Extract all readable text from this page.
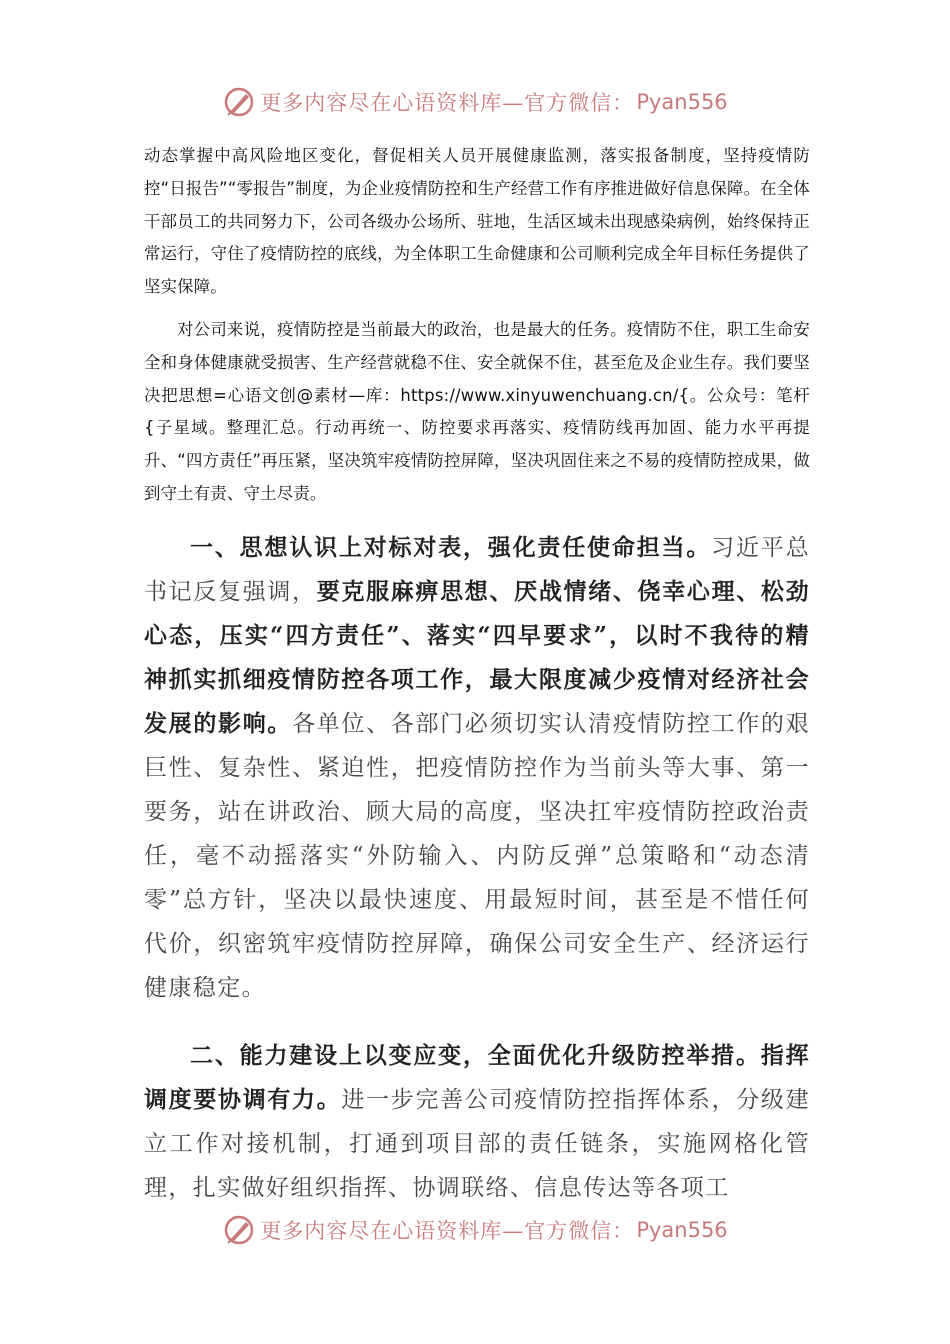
更多内容尽在心语资料库—官方微信： Pyan556

动态掌握中高风险地区变化，督促相关人员开展健康监测，落实报备制度，坚持疫情防控“日报告”“零报告”制度，为企业疫情防控和生产经营工作有序推进做好信息保障。在全体干部员工的共同努力下，公司各级办公场所、驻地，生活区域未出现感染病例，始终保持正常运行，守住了疫情防控的底线，为全体职工生命健康和公司顺利完成全年目标任务提供了坚实保障。

对公司来说，疫情防控是当前最大的政治，也是最大的任务。疫情防不住，职工生命安全和身体健康就受损害、生产经营就稳不住、安全就保不住，甚至危及企业生存。我们要坚决把思想=心语文创@素材—库：https://www.xinyuwenchuang.cn/{。公众号：笔杆{子星域。整理汇总。行动再统一、防控要求再落实、疫情防线再加固、能力水平再提升、“四方责任”再压紧，坚决筑牢疫情防控屏障，坚决巩固住来之不易的疫情防控成果，做到守土有责、守土尽责。

一、思想认识上对标对表，强化责任使命担当。习近平总书记反复强调，要克服麻痹思想、厌战情绪、侥幸心理、松劲心态，压实“四方责任”、落实“四早要求”，以时不我待的精神抓实抓细疫情防控各项工作，最大限度减少疫情对经济社会发展的影响。各单位、各部门必须切实认清疫情防控工作的艰巨性、复杂性、紧迫性，把疫情防控作为当前头等大事、第一要务，站在讲政治、顾大局的高度，坚决扛牢疫情防控政治责任，毫不动摇落实“外防输入、内防反弹”总策略和“动态清零”总方针，坚决以最快速度、用最短时间，甚至是不惜任何代价，织密筑牢疫情防控屏障，确保公司安全生产、经济运行健康稳定。

二、能力建设上以变应变，全面优化升级防控举措。指挥调度要协调有力。进一步完善公司疫情防控指挥体系，分级建立工作对接机制，打通到项目部的责任链条，实施网格化管理，扎实做好组织指挥、协调联络、信息传达等各项工

更多内容尽在心语资料库—官方微信： Pyan556
